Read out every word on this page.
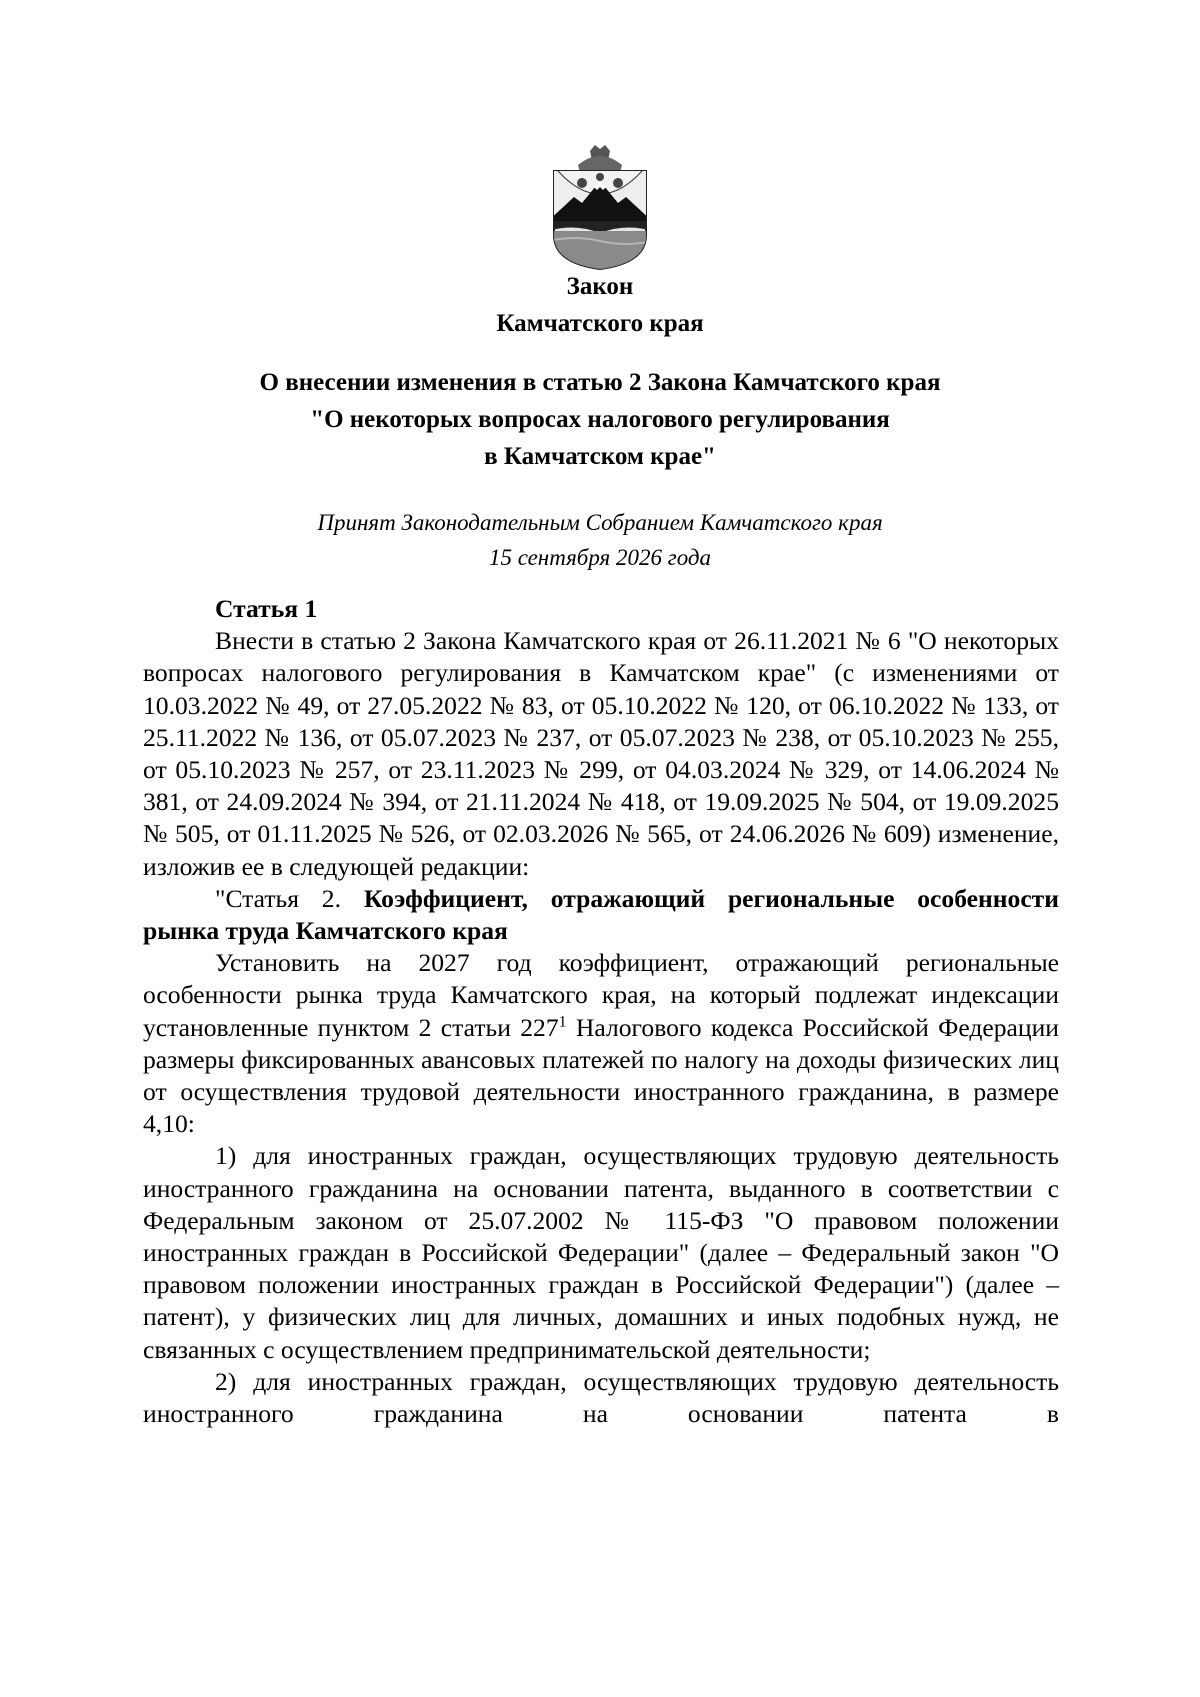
Закон
Камчатского края
О внесении изменения в статью 2 Закона Камчатского края
"О некоторых вопросах налогового регулирования
в Камчатском крае"
Принят Законодательным Собранием Камчатского края
15 сентября 2026 года

Статья 1

Внести в статью 2 Закона Камчатского края от 26.11.2021 № 6 "О некоторых вопросах налогового регулирования в Камчатском крае" (с изменениями от 10.03.2022 № 49, от 27.05.2022 № 83, от 05.10.2022 № 120, от 06.10.2022 № 133, от 25.11.2022 № 136, от 05.07.2023 № 237, от 05.07.2023 № 238, от 05.10.2023 № 255, от 05.10.2023 № 257, от 23.11.2023 № 299, от 04.03.2024 № 329, от 14.06.2024 № 381, от 24.09.2024 № 394, от 21.11.2024 № 418, от 19.09.2025 № 504, от 19.09.2025 № 505, от 01.11.2025 № 526, от 02.03.2026 № 565, от 24.06.2026 № 609) изменение, изложив ее в следующей редакции:

"Статья 2. Коэффициент, отражающий региональные особенности рынка труда Камчатского края

Установить на 2027 год коэффициент, отражающий региональные особенности рынка труда Камчатского края, на который подлежат индексации установленные пунктом 2 статьи $227^1$ Налогового кодекса Российской Федерации размеры фиксированных авансовых платежей по налогу на доходы физических лиц от осуществления трудовой деятельности иностранного гражданина, в размере 4,10:

1) для иностранных граждан, осуществляющих трудовую деятельность иностранного гражданина на основании патента, выданного в соответствии с Федеральным законом от 25.07.2002 № 115-ФЗ "О правовом положении иностранных граждан в Российской Федерации" (далее – Федеральный закон "О правовом положении иностранных граждан в Российской Федерации") (далее – патент), у физических лиц для личных, домашних и иных подобных нужд, не связанных с осуществлением предпринимательской деятельности;

2) для иностранных граждан, осуществляющих трудовую деятельность иностранного гражданина на основании патента в
